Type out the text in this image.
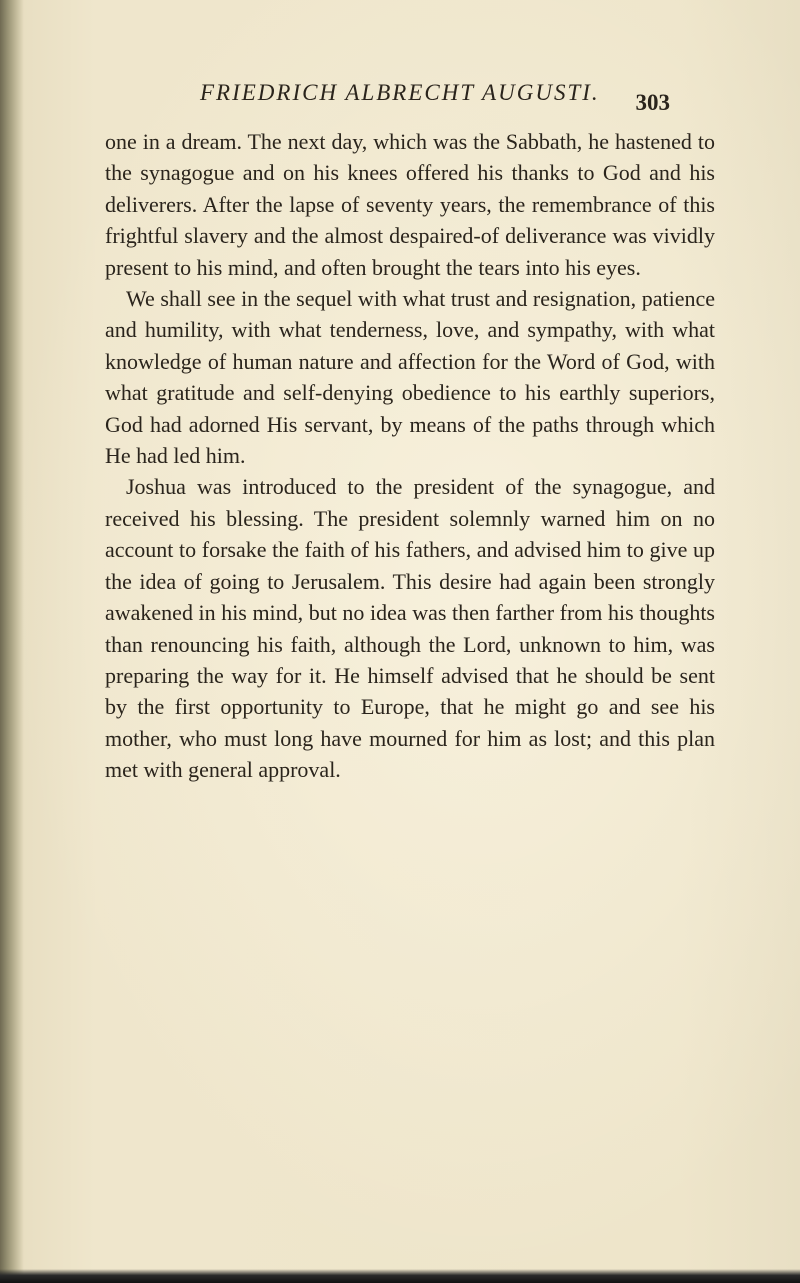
FRIEDRICH ALBRECHT AUGUSTI. 303

one in a dream. The next day, which was the Sabbath, he hastened to the synagogue and on his knees offered his thanks to God and his deliverers. After the lapse of seventy years, the remembrance of this frightful slavery and the almost despaired-of deliverance was vividly present to his mind, and often brought the tears into his eyes.

We shall see in the sequel with what trust and resignation, patience and humility, with what tenderness, love, and sympathy, with what knowledge of human nature and affection for the Word of God, with what gratitude and self-denying obedience to his earthly superiors, God had adorned His servant, by means of the paths through which He had led him.

Joshua was introduced to the president of the synagogue, and received his blessing. The president solemnly warned him on no account to forsake the faith of his fathers, and advised him to give up the idea of going to Jerusalem. This desire had again been strongly awakened in his mind, but no idea was then farther from his thoughts than renouncing his faith, although the Lord, unknown to him, was preparing the way for it. He himself advised that he should be sent by the first opportunity to Europe, that he might go and see his mother, who must long have mourned for him as lost; and this plan met with general approval.
